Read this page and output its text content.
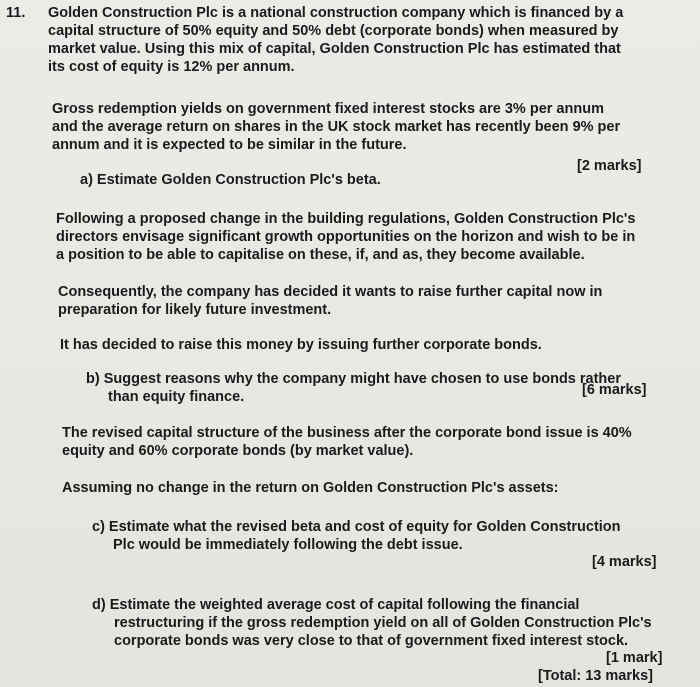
11. Golden Construction Plc is a national construction company which is financed by a
capital structure of 50% equity and 50% debt (corporate bonds) when measured by
market value. Using this mix of capital, Golden Construction Plc has estimated that
its cost of equity is 12% per annum.
Gross redemption yields on government fixed interest stocks are 3% per annum
and the average return on shares in the UK stock market has recently been 9% per
annum and it is expected to be similar in the future.
a) Estimate Golden Construction Plc's beta.
[2 marks]
Following a proposed change in the building regulations, Golden Construction Plc's
directors envisage significant growth opportunities on the horizon and wish to be in
a position to be able to capitalise on these, if, and as, they become available.
Consequently, the company has decided it wants to raise further capital now in
preparation for likely future investment.
It has decided to raise this money by issuing further corporate bonds.
b) Suggest reasons why the company might have chosen to use bonds rather
than equity finance.	[6 marks]
The revised capital structure of the business after the corporate bond issue is 40%
equity and 60% corporate bonds (by market value).
Assuming no change in the return on Golden Construction Plc's assets:
c) Estimate what the revised beta and cost of equity for Golden Construction
Plc would be immediately following the debt issue.
[4 marks]
d) Estimate the weighted average cost of capital following the financial
restructuring if the gross redemption yield on all of Golden Construction Plc's
corporate bonds was very close to that of government fixed interest stock.
[1 mark]
[Total: 13 marks]
